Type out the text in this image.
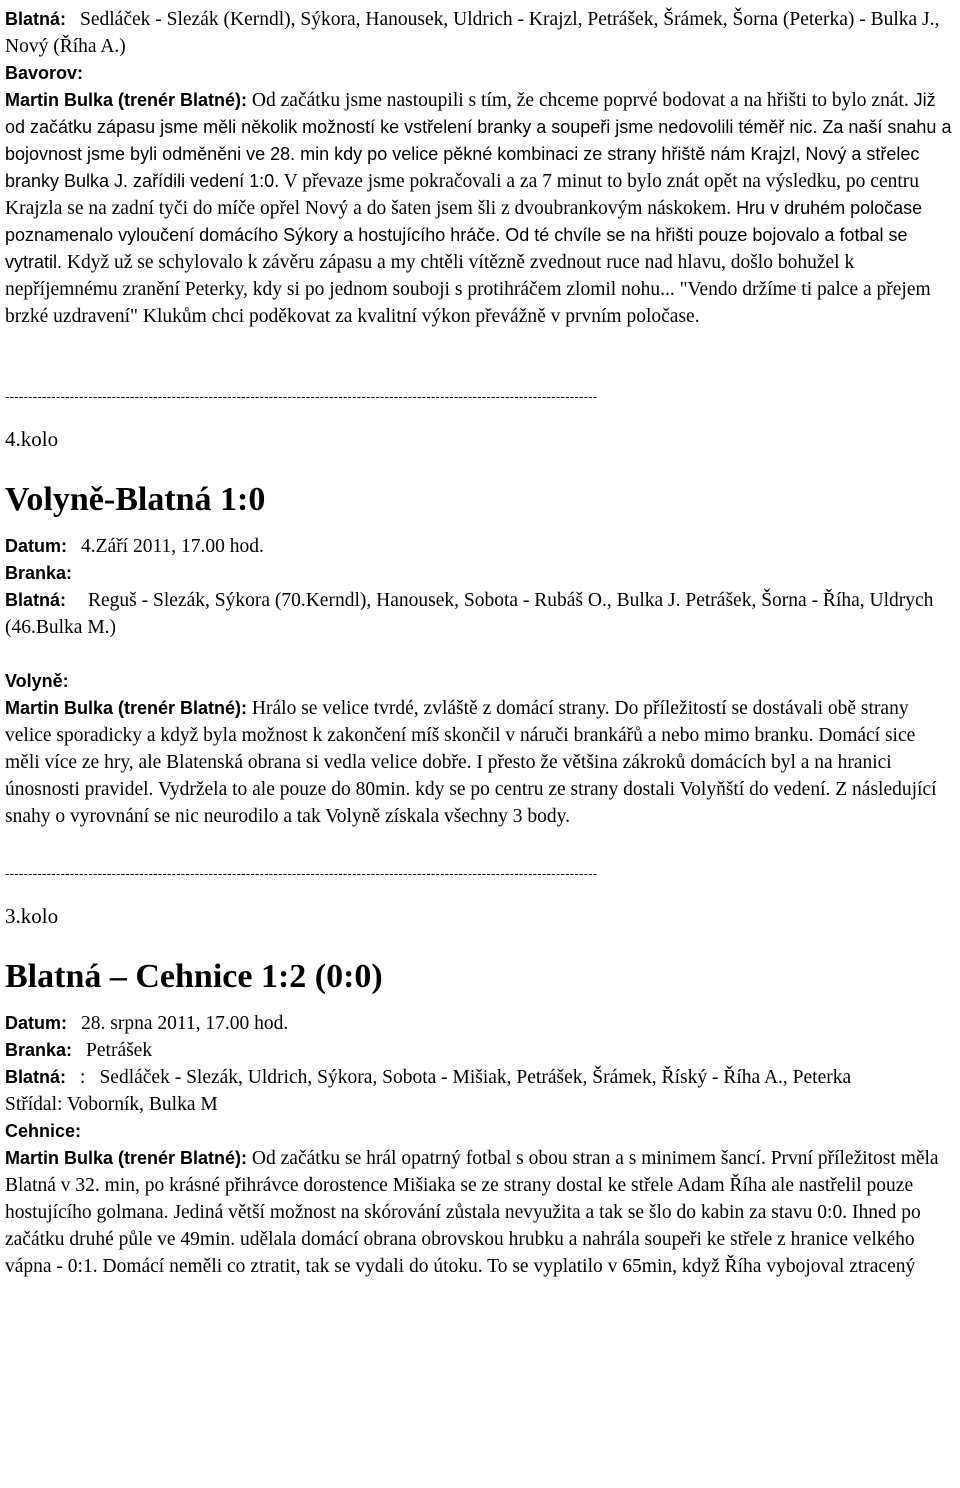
Blatná: Sedláček - Slezák (Kerndl), Sýkora, Hanousek, Uldrich - Krajzl, Petrášek, Šrámek, Šorna (Peterka) - Bulka J., Nový (Říha A.)

Bavorov:

Martin Bulka (trenér Blatné): Od začátku jsme nastoupili s tím, že chceme poprvé bodovat a na hřišti to bylo znát. Již od začátku zápasu jsme měli několik možností ke vstřelení branky a soupeři jsme nedovolili téměř nic. Za naší snahu a bojovnost jsme byli odměněni ve 28. min kdy po velice pěkné kombinaci ze strany hřiště nám Krajzl, Nový a střelec branky Bulka J. zařídili vedení 1:0. V převaze jsme pokračovali a za 7 minut to bylo znát opět na výsledku, po centru Krajzla se na zadní tyči do míče opřel Nový a do šaten jsem šli z dvoubrankovým náskokem. Hru v druhém poločase poznamenalo vyloučení domácího Sýkory a hostujícího hráče. Od té chvíle se na hřišti pouze bojovalo a fotbal se vytratil. Když už se schylovalo k závěru zápasu a my chtěli vítězně zvednout ruce nad hlavu, došlo bohužel k nepříjemnému zranění Peterky, kdy si po jednom souboji s protihráčem zlomil nohu... "Vendo držíme ti palce a přejem brzké uzdravení" Klukům chci poděkovat za kvalitní výkon převážně v prvním poločase.

--------------------------------------------------------------------------------------------------------------------------------

4.kolo

Volyně-Blatná 1:0

Datum: 4.Září 2011, 17.00 hod.

Branka:

Blatná: Reguš - Slezák, Sýkora (70.Kerndl), Hanousek, Sobota - Rubáš O., Bulka J. Petrášek, Šorna - Říha, Uldrych (46.Bulka M.)

Volyně:

Martin Bulka (trenér Blatné): Hrálo se velice tvrdé, zvláště z domácí strany. Do příležitostí se dostávali obě strany velice sporadicky a když byla možnost k zakončení míš skončil v náruči brankářů a nebo mimo branku. Domácí sice měli více ze hry, ale Blatenská obrana si vedla velice dobře. I přesto že většina zákroků domácích byl a na hranici únosnosti pravidel. Vydržela to ale pouze do 80min. kdy se po centru ze strany dostali Volyňští do vedení. Z následující snahy o vyrovnání se nic neurodilo a tak Volyně získala všechny 3 body.

--------------------------------------------------------------------------------------------------------------------------------

3.kolo

Blatná – Cehnice 1:2 (0:0)

Datum: 28. srpna 2011, 17.00 hod.

Branka: Petrášek

Blatná: : Sedláček - Slezák, Uldrich, Sýkora, Sobota - Mišiak, Petrášek, Šrámek, Říský - Říha A., Peterka

Střídal: Voborník, Bulka M

Cehnice:

Martin Bulka (trenér Blatné): Od začátku se hrál opatrný fotbal s obou stran a s minimem šancí. První příležitost měla Blatná v 32. min, po krásné přihrávce dorostence Mišiaka se ze strany dostal ke střele Adam Říha ale nastřelil pouze hostujícího golmana. Jediná větší možnost na skórování zůstala nevyužita a tak se šlo do kabin za stavu 0:0. Ihned po začátku druhé půle ve 49min. udělala domácí obrana obrovskou hrubku a nahrála soupeři ke střele z hranice velkého vápna - 0:1. Domácí neměli co ztratit, tak se vydali do útoku. To se vyplatilo v 65min, když Říha vybojoval ztracený
